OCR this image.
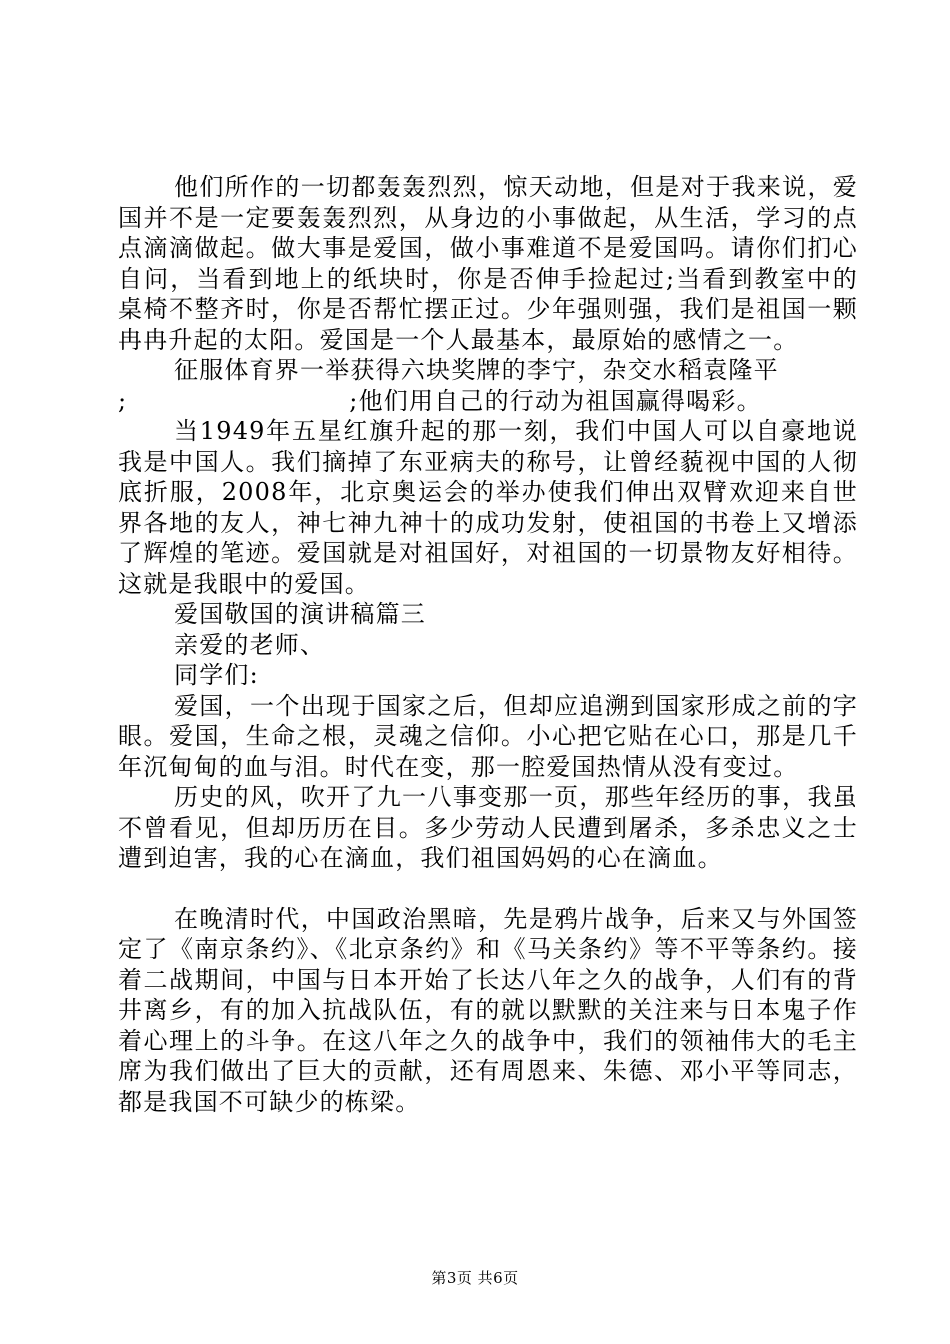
他们所作的一切都轰轰烈烈，惊天动地，但是对于我来说，爱国并不是一定要轰轰烈烈，从身边的小事做起，从生活，学习的点点滴滴做起。做大事是爱国，做小事难道不是爱国吗。请你们扪心自问，当看到地上的纸块时，你是否伸手捡起过;当看到教室中的桌椅不整齐时，你是否帮忙摆正过。少年强则强，我们是祖国一颗冉冉升起的太阳。爱国是一个人最基本，最原始的感情之一。

征服体育界一举获得六块奖牌的李宁，杂交水稻袁隆平

;	;他们用自己的行动为祖国赢得喝彩。

当1949年五星红旗升起的那一刻，我们中国人可以自豪地说我是中国人。我们摘掉了东亚病夫的称号，让曾经藐视中国的人彻底折服，2008年，北京奥运会的举办使我们伸出双臂欢迎来自世界各地的友人，神七神九神十的成功发射，使祖国的书卷上又增添了辉煌的笔迹。爱国就是对祖国好，对祖国的一切景物友好相待。这就是我眼中的爱国。

爱国敬国的演讲稿篇三

亲爱的老师、

同学们:

爱国，一个出现于国家之后，但却应追溯到国家形成之前的字眼。爱国，生命之根，灵魂之信仰。小心把它贴在心口，那是几千年沉甸甸的血与泪。时代在变，那一腔爱国热情从没有变过。

历史的风，吹开了九一八事变那一页，那些年经历的事，我虽不曾看见，但却历历在目。多少劳动人民遭到屠杀，多杀忠义之士遭到迫害，我的心在滴血，我们祖国妈妈的心在滴血。

在晚清时代，中国政治黑暗，先是鸦片战争，后来又与外国签定了《南京条约》、《北京条约》和《马关条约》等不平等条约。接着二战期间，中国与日本开始了长达八年之久的战争，人们有的背井离乡，有的加入抗战队伍，有的就以默默的关注来与日本鬼子作着心理上的斗争。在这八年之久的战争中，我们的领袖伟大的毛主席为我们做出了巨大的贡献，还有周恩来、朱德、邓小平等同志，都是我国不可缺少的栋梁。

第3页 共6页
